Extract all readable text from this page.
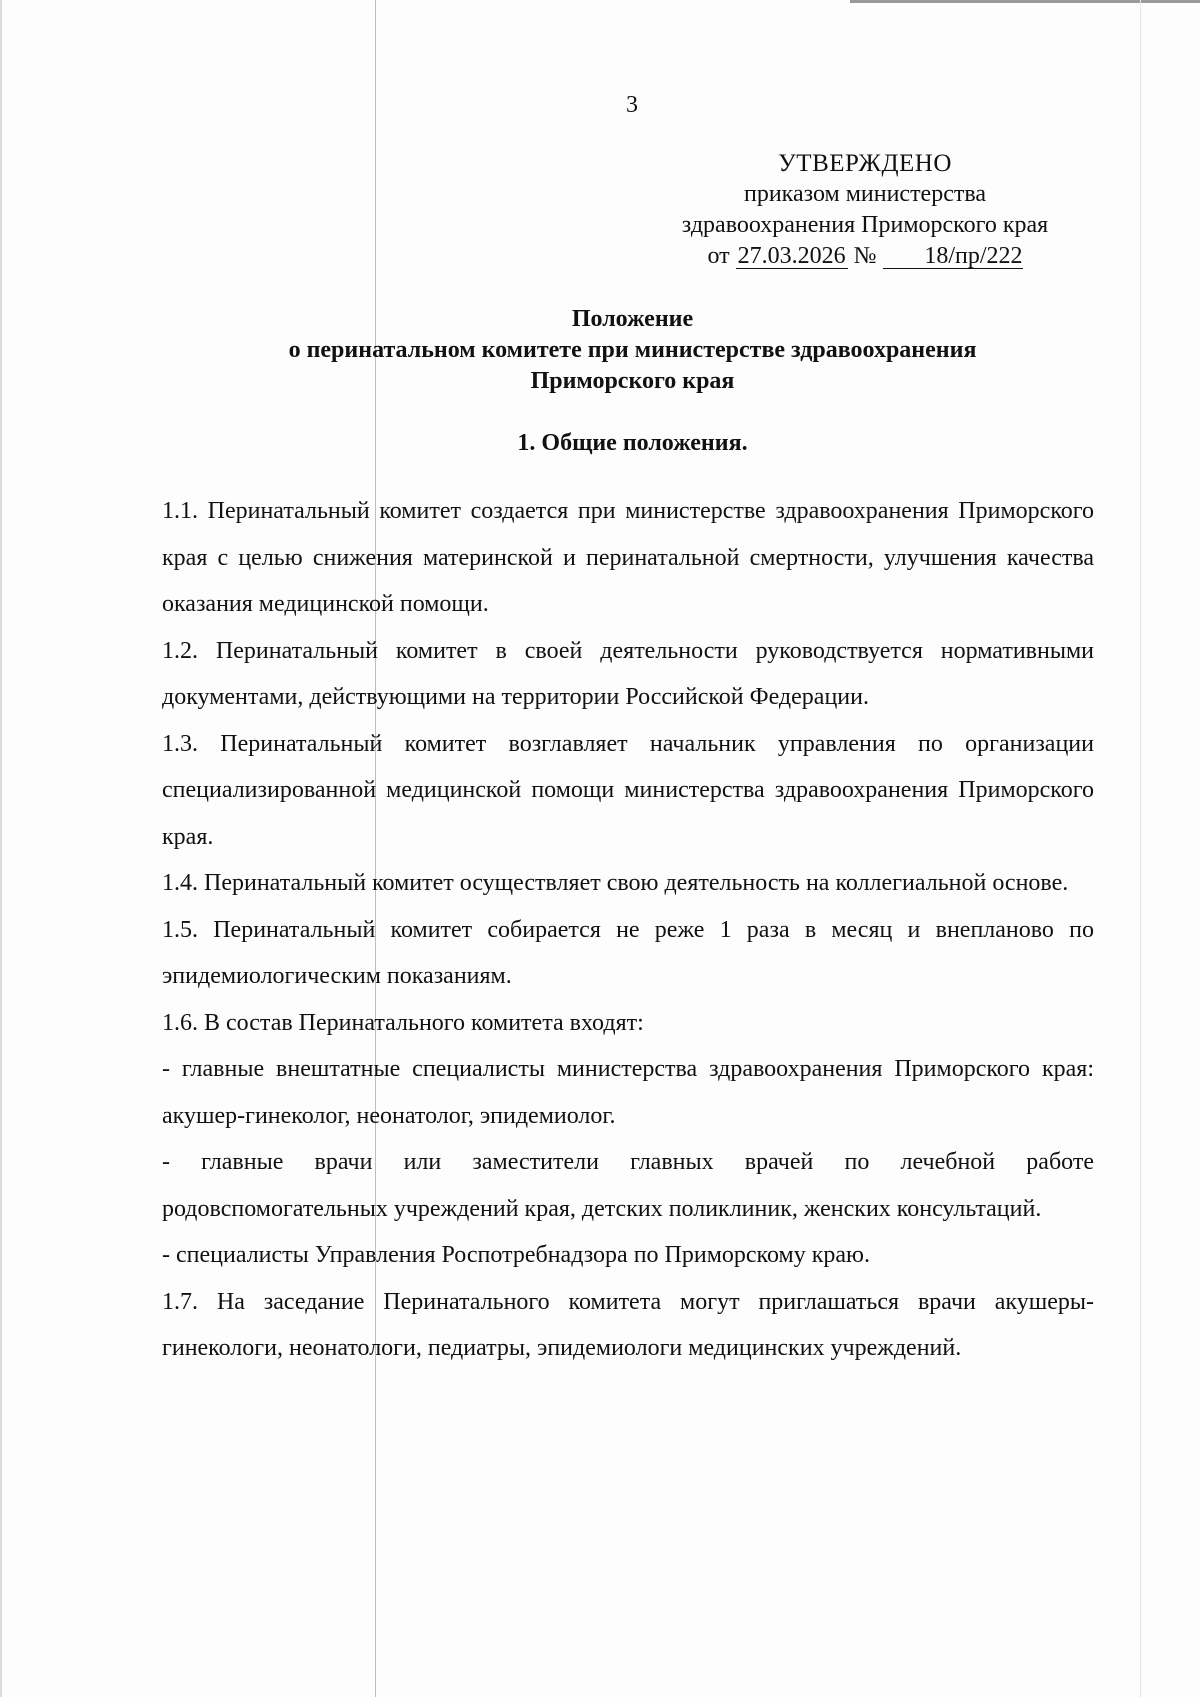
3
УТВЕРЖДЕНО
приказом министерства
здравоохранения Приморского края
от 27.03.2026 № 18/пр/222
Положение
о перинатальном комитете при министерстве здравоохранения
Приморского края
1. Общие положения.

1.1. Перинатальный комитет создается при министерстве здравоохранения Приморского края с целью снижения материнской и перинатальной смертности, улучшения качества оказания медицинской помощи.

1.2. Перинатальный комитет в своей деятельности руководствуется нормативными документами, действующими на территории Российской Федерации.

1.3. Перинатальный комитет возглавляет начальник управления по организации специализированной медицинской помощи министерства здравоохранения Приморского края.

1.4. Перинатальный комитет осуществляет свою деятельность на коллегиальной основе.

1.5. Перинатальный комитет собирается не реже 1 раза в месяц и внепланово по эпидемиологическим показаниям.

1.6. В состав Перинатального комитета входят:

- главные внештатные специалисты министерства здравоохранения Приморского края: акушер-гинеколог, неонатолог, эпидемиолог.

- главные врачи или заместители главных врачей по лечебной работе родовспомогательных учреждений края, детских поликлиник, женских консультаций.

- специалисты Управления Роспотребнадзора по Приморскому краю.

1.7. На заседание Перинатального комитета могут приглашаться врачи акушеры-гинекологи, неонатологи, педиатры, эпидемиологи медицинских учреждений.
